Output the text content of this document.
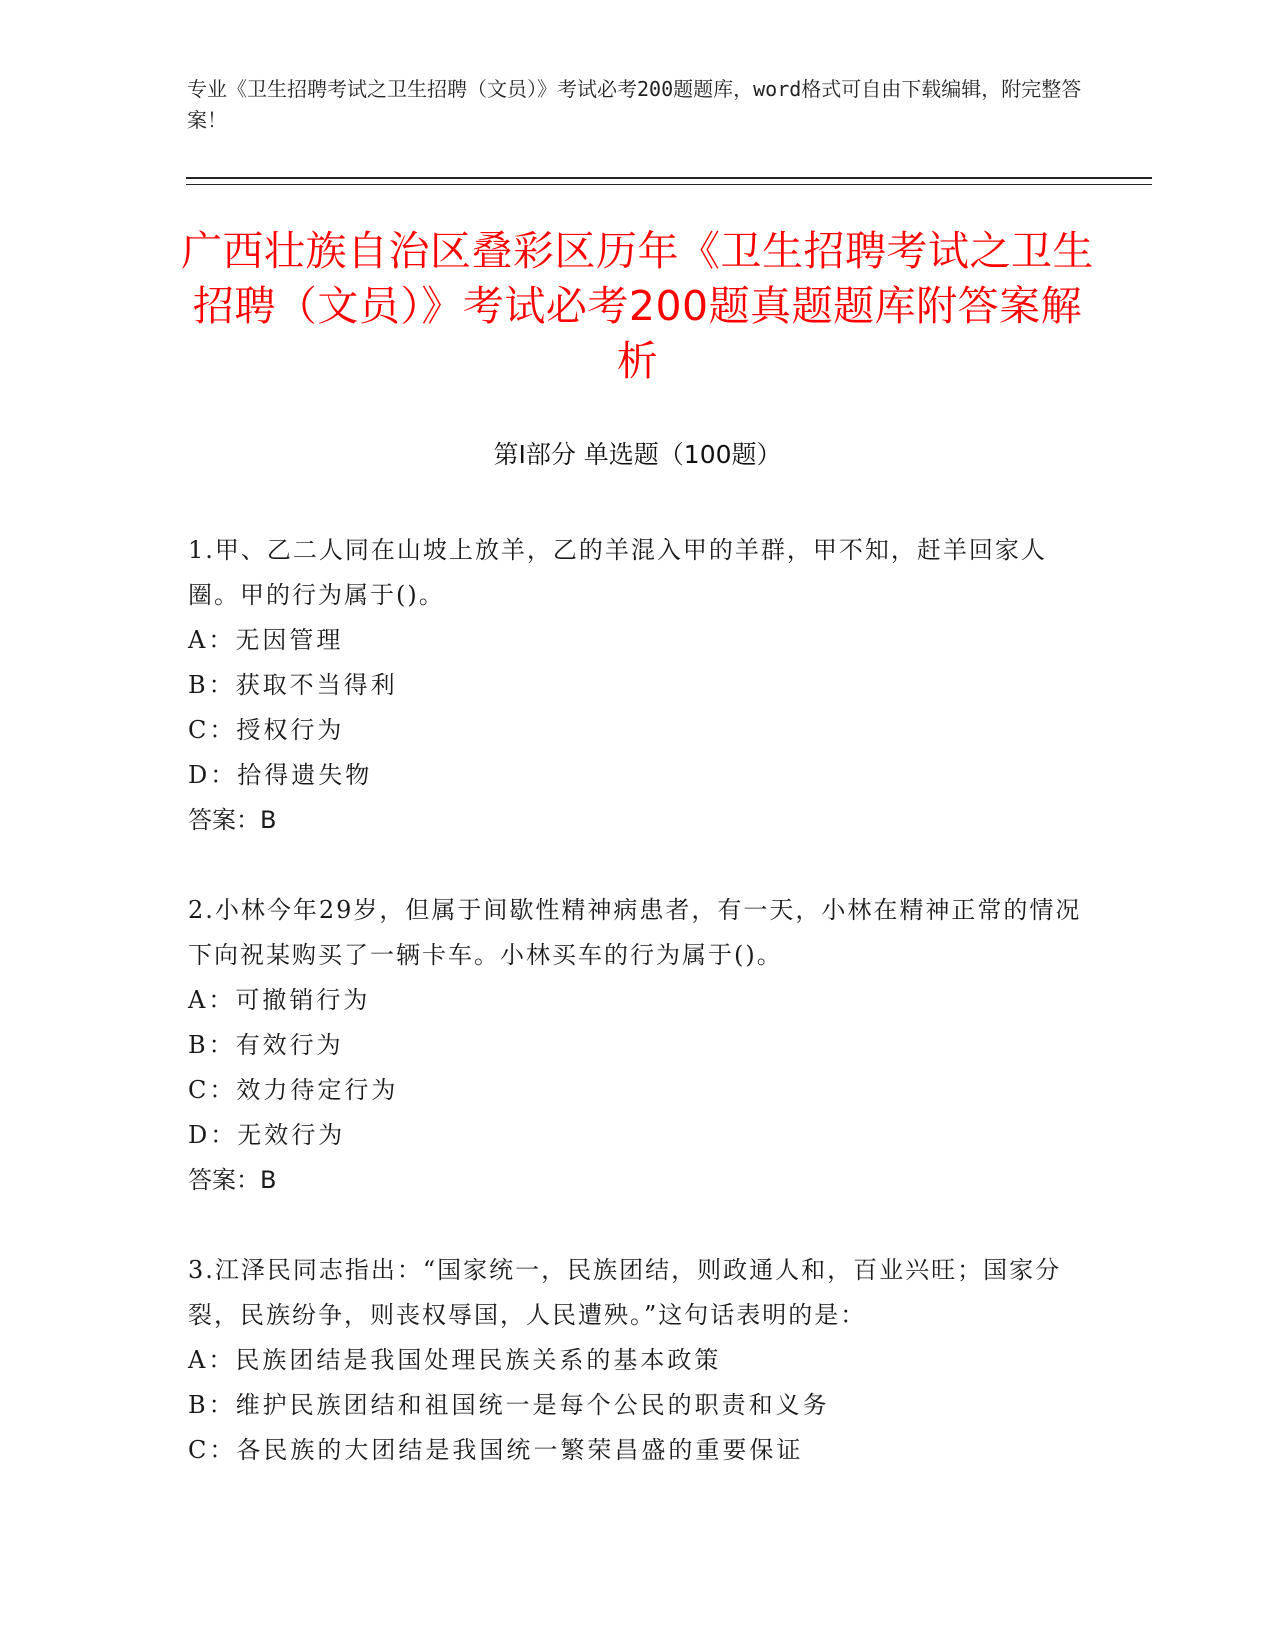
专业《卫生招聘考试之卫生招聘（文员）》考试必考200题题库，word格式可自由下载编辑，附完整答案！
广西壮族自治区叠彩区历年《卫生招聘考试之卫生招聘（文员）》考试必考200题真题题库附答案解析
第Ⅰ部分 单选题（100题）

1.甲、乙二人同在山坡上放羊，乙的羊混入甲的羊群，甲不知，赶羊回家人圈。甲的行为属于()。

A：无因管理

B：获取不当得利

C：授权行为

D：拾得遗失物

答案：B

2.小林今年29岁，但属于间歇性精神病患者，有一天，小林在精神正常的情况下向祝某购买了一辆卡车。小林买车的行为属于()。

A：可撤销行为

B：有效行为

C：效力待定行为

D：无效行为

答案：B

3.江泽民同志指出：“国家统一，民族团结，则政通人和，百业兴旺；国家分裂，民族纷争，则丧权辱国，人民遭殃。”这句话表明的是：

A：民族团结是我国处理民族关系的基本政策

B：维护民族团结和祖国统一是每个公民的职责和义务

C：各民族的大团结是我国统一繁荣昌盛的重要保证
